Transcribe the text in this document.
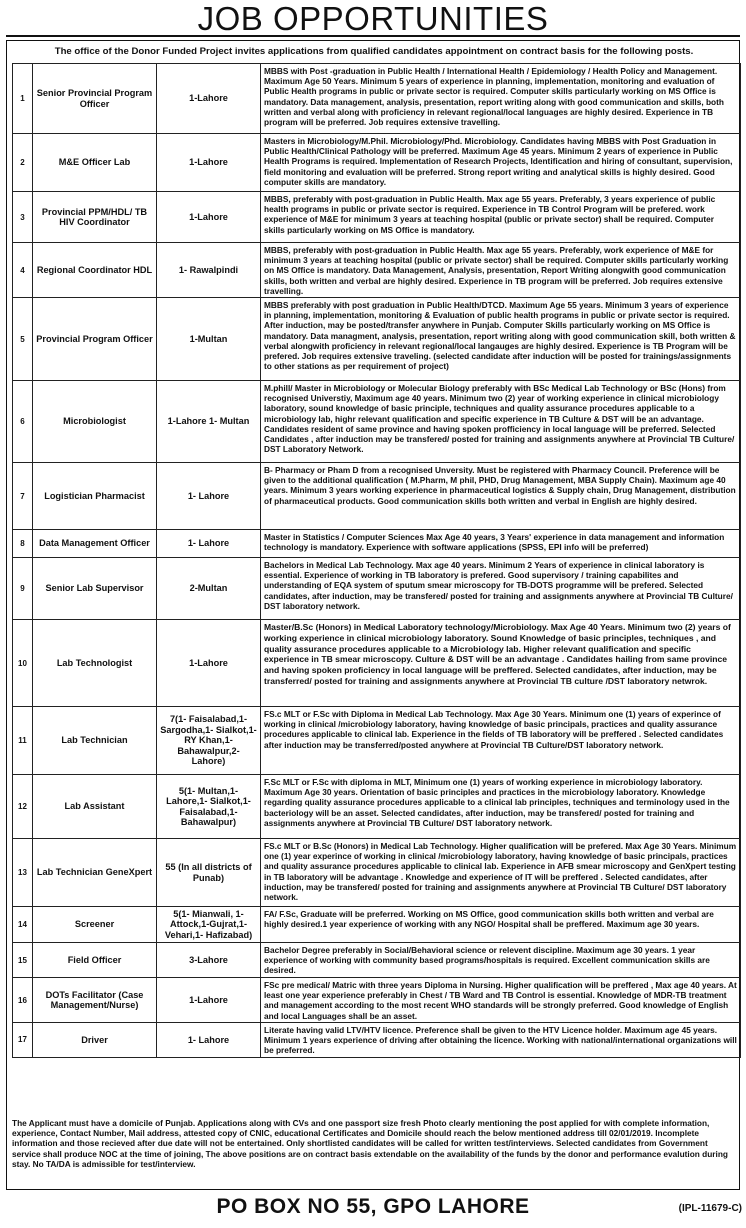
JOB OPPORTUNITIES
The office of the Donor Funded Project invites applications from qualified candidates appointment on contract basis for the following posts.
1	Senior Provincial Program Officer	1-Lahore	MBBS with Post -graduation in Public Health / International Health / Epidemiology / Health Policy and Management. Maximum Age 50 Years. Minimum 5 years of experience in planning, implementation, monitoring and evaluation of Public Health programs in public or private sector is required. Computer skills particularly working on MS Office is mandatory. Data management, analysis, presentation, report writing along with good communication and skills, both written and verbal along with proficiency in relevant regional/local languages are highly desired. Experience in TB program will be preferred. Job requires extensive travelling.
2	M&E Officer Lab	1-Lahore	Masters in Microbiology/M.Phil. Microbiology/Phd. Microbiology. Candidates having MBBS with Post Graduation in Public Health/Clinical Pathology will be preferred. Maximum Age 45 years. Minimum 2 years of experience in Public Health Programs is required. Implementation of Research Projects, Identification and hiring of consultant, supervision, field monitoring and evaluation will be preferred. Strong report writing and analytical skills is highly desired. Good computer skills are mandatory.
3	Provincial PPM/HDL/ TB HIV Coordinator	1-Lahore	MBBS, preferably with post-graduation in Public Health. Max age 55 years. Preferably, 3 years experience of public health programs in public or private sector is required. Experience in TB Control Program will be prefered. work experience of M&E for minimum 3 years at teaching hospital (public or private sector) shall be required. Computer skills particularly working on MS Office is mandatory.
4	Regional Coordinator HDL	1- Rawalpindi	MBBS, preferably with post-graduation in Public Health. Max age 55 years. Preferably, work experience of M&E for minimum 3 years at teaching hospital (public or private sector) shall be required. Computer skills particularly working on MS Office is mandatory. Data Management, Analysis, presentation, Report Writing alongwith good communication skills, both written and verbal are highly desired. Experience in TB program will be preferred. Job requires extensive travelling.
5	Provincial Program Officer	1-Multan	MBBS preferably with post graduation in Public Health/DTCD. Maximum Age 55 years. Minimum 3 years of experience in planning, implementation, monitoring & Evaluation of public health programs in public or private sector is required. After induction, may be posted/transfer anywhere in Punjab. Computer Skills particularly working on MS Office is mandatory. Data managment, analysis, presentation, report writing along with good communication skill, both written & verbal alongwith proficiency in relevant regional/local langauges are highly desired. Experience is TB Program will be prefered. Job requires extensive traveling. (selected candidate after induction will be posted for trainings/assignments to other stations as per requirement of project)
6	Microbiologist	1-Lahore 1- Multan	M.phill/ Master in Microbiology or Molecular Biology preferably with BSc Medical Lab Technology or BSc (Hons) from recognised Universtiy, Maximum age 40 years. Minimum two (2) year of working experience in clinical microbiology laboratory, sound knowledge of basic principle, techniques and quality assurance procedures applicable to a microbiology lab, highr relevant qualification and specific experience in TB Culture & DST will be an advantage. Candidates resident of same province and having spoken profficiency in local language will be preferred. Selected Candidates , after induction may be transfered/ posted for training and assignments anywhere at Provincial TB Culture/ DST Laboratory Network.
7	Logistician Pharmacist	1- Lahore	B- Pharmacy or Pham D from a recognised Unversity. Must be registered with Pharmacy Council. Preference will be given to the additional qualification ( M.Pharm, M phil, PHD, Drug Management, MBA Supply Chain). Maximum age 40 years. Minimum 3 years working experience in pharmaceutical logistics & Supply chain, Drug Management, distribution of pharmaceutical products. Good communication skills both written and verbal in English are highly desired.
8	Data Management Officer	1- Lahore	Master in Statistics / Computer Sciences Max Age 40 years, 3 Years' experience in data management and information technology is mandatory. Experience with software applications (SPSS, EPI info will be preferred)
9	Senior Lab Supervisor	2-Multan	Bachelors in Medical Lab Technology. Max age 40 years. Minimum 2 Years of experience in clinical laboratory is essential. Experience of working in TB laboratory is prefered. Good supervisory / training capabilites and understanding of EQA system of sputum smear microscopy for TB-DOTS programme will be prefered. Selected candidates, after induction, may be transfered/ posted for training and assignments anywhere at Provincial TB Culture/ DST laboratory network.
10	Lab Technologist	1-Lahore	Master/B.Sc (Honors) in Medical Laboratory technology/Microbiology. Max Age 40 Years. Minimum two (2) years of working experience in clinical microbiology laboratory. Sound Knowledge of basic principles, techniques , and quality assurance procedures applicable to a Microbiology lab. Higher relevant qualification and specific experience in TB smear microscopy. Culture & DST will be an advantage . Candidates hailing from same province and having spoken proficiency in local language will be preffered. Selected candidates, after induction, may be transferred/ posted for training and assignments anywhere at Provincial TB culture /DST laboratory netwrok.
11	Lab Technician	7(1- Faisalabad,1- Sargodha,1- Sialkot,1-RY Khan,1- Bahawalpur,2- Lahore)	FS.c MLT or F.Sc with Diploma in Medical Lab Technology. Max Age 30 Years. Minimum one (1) years of experince of working in clinical /microbiology laboratory, having knowledge of basic principals, practices and quality assurance procedures applicable to clinical lab. Experience in the fields of TB laboratory will be preffered . Selected candidates after induction may be transferred/posted anywhere at Provincial TB Culture/DST laboratory network.
12	Lab Assistant	5(1- Multan,1- Lahore,1- Sialkot,1- Faisalabad,1- Bahawalpur)	F.Sc MLT or F.Sc with diploma in MLT, Minimum one (1) years of working experience in microbiology laboratory. Maximum Age 30 years. Orientation of basic principles and practices in the microbiology laboratory. Knowledge regarding quality assurance procedures applicable to a clinical lab principles, techniques and terminology used in the bacteriology will be an asset. Selected candidates, after induction, may be transfered/ posted for training and assignments anywhere at Provincial TB Culture/ DST laboratory network.
13	Lab Technician GeneXpert	55 (In all districts of Punab)	FS.c MLT or B.Sc (Honors) in Medical Lab Technology. Higher qualification will be prefered. Max Age 30 Years. Minimum one (1) year experince of working in clinical /microbiology laboratory, having knowledge of basic principals, practices and quality assurance procedures applicable to clinical lab. Experience in AFB smear microscopy and GenXpert testing in TB laboratory will be advantage . Knowledge and experience of IT will be preffered . Selected candidates, after induction, may be transfered/ posted for training and assignments anywhere at Provincial TB Culture/ DST laboratory network.
14	Screener	5(1- Mianwali, 1- Attock,1-Gujrat,1- Vehari,1- Hafizabad)	FA/ F.Sc, Graduate will be preferred. Working on MS Office, good communication skills both written and verbal are highly desired.1 year experience of working with any NGO/ Hospital shall be preffered. Maximum age 30 years.
15	Field Officer	3-Lahore	Bachelor Degree preferably in Social/Behavioral science or relevent discipline. Maximum age 30 years. 1 year experience of working with community based programs/hospitals is required. Excellent communication skills are desired.
16	DOTs Facilitator (Case Management/Nurse)	1-Lahore	FSc pre medical/ Matric with three years Diploma in Nursing. Higher qualification will be preffered , Max age 40 years. At least one year experience preferably in Chest / TB Ward and TB Control is essential. Knowledge of MDR-TB treatment and management according to the most recent WHO standards will be strongly preferred. Good knowledge of English and local Languages shall be an asset.
17	Driver	1- Lahore	Literate having valid LTV/HTV licence. Preference shall be given to the HTV Licence holder. Maximum age 45 years. Minimum 1 years experience of driving after obtaining the licence. Working with national/international organizations will be preferred.
The Applicant must have a domicile of Punjab. Applications along with CVs and one passport size fresh Photo clearly mentioning the post applied for with complete information, experience, Contact Number, Mail address, attested copy of CNIC, educational Certificates and Domicile should reach the below mentioned address till 02/01/2019. Incomplete information and those recieved after due date will not be entertained. Only shortlisted candidates will be called for written test/interviews. Selected candidates from Government service shall produce NOC at the time of joining, The above positions are on contract basis extendable on the availability of the funds by the donor and performance evalution during stay. No TA/DA is admissible for test/interview.
PO BOX NO 55, GPO LAHORE	(IPL-11679-C)
